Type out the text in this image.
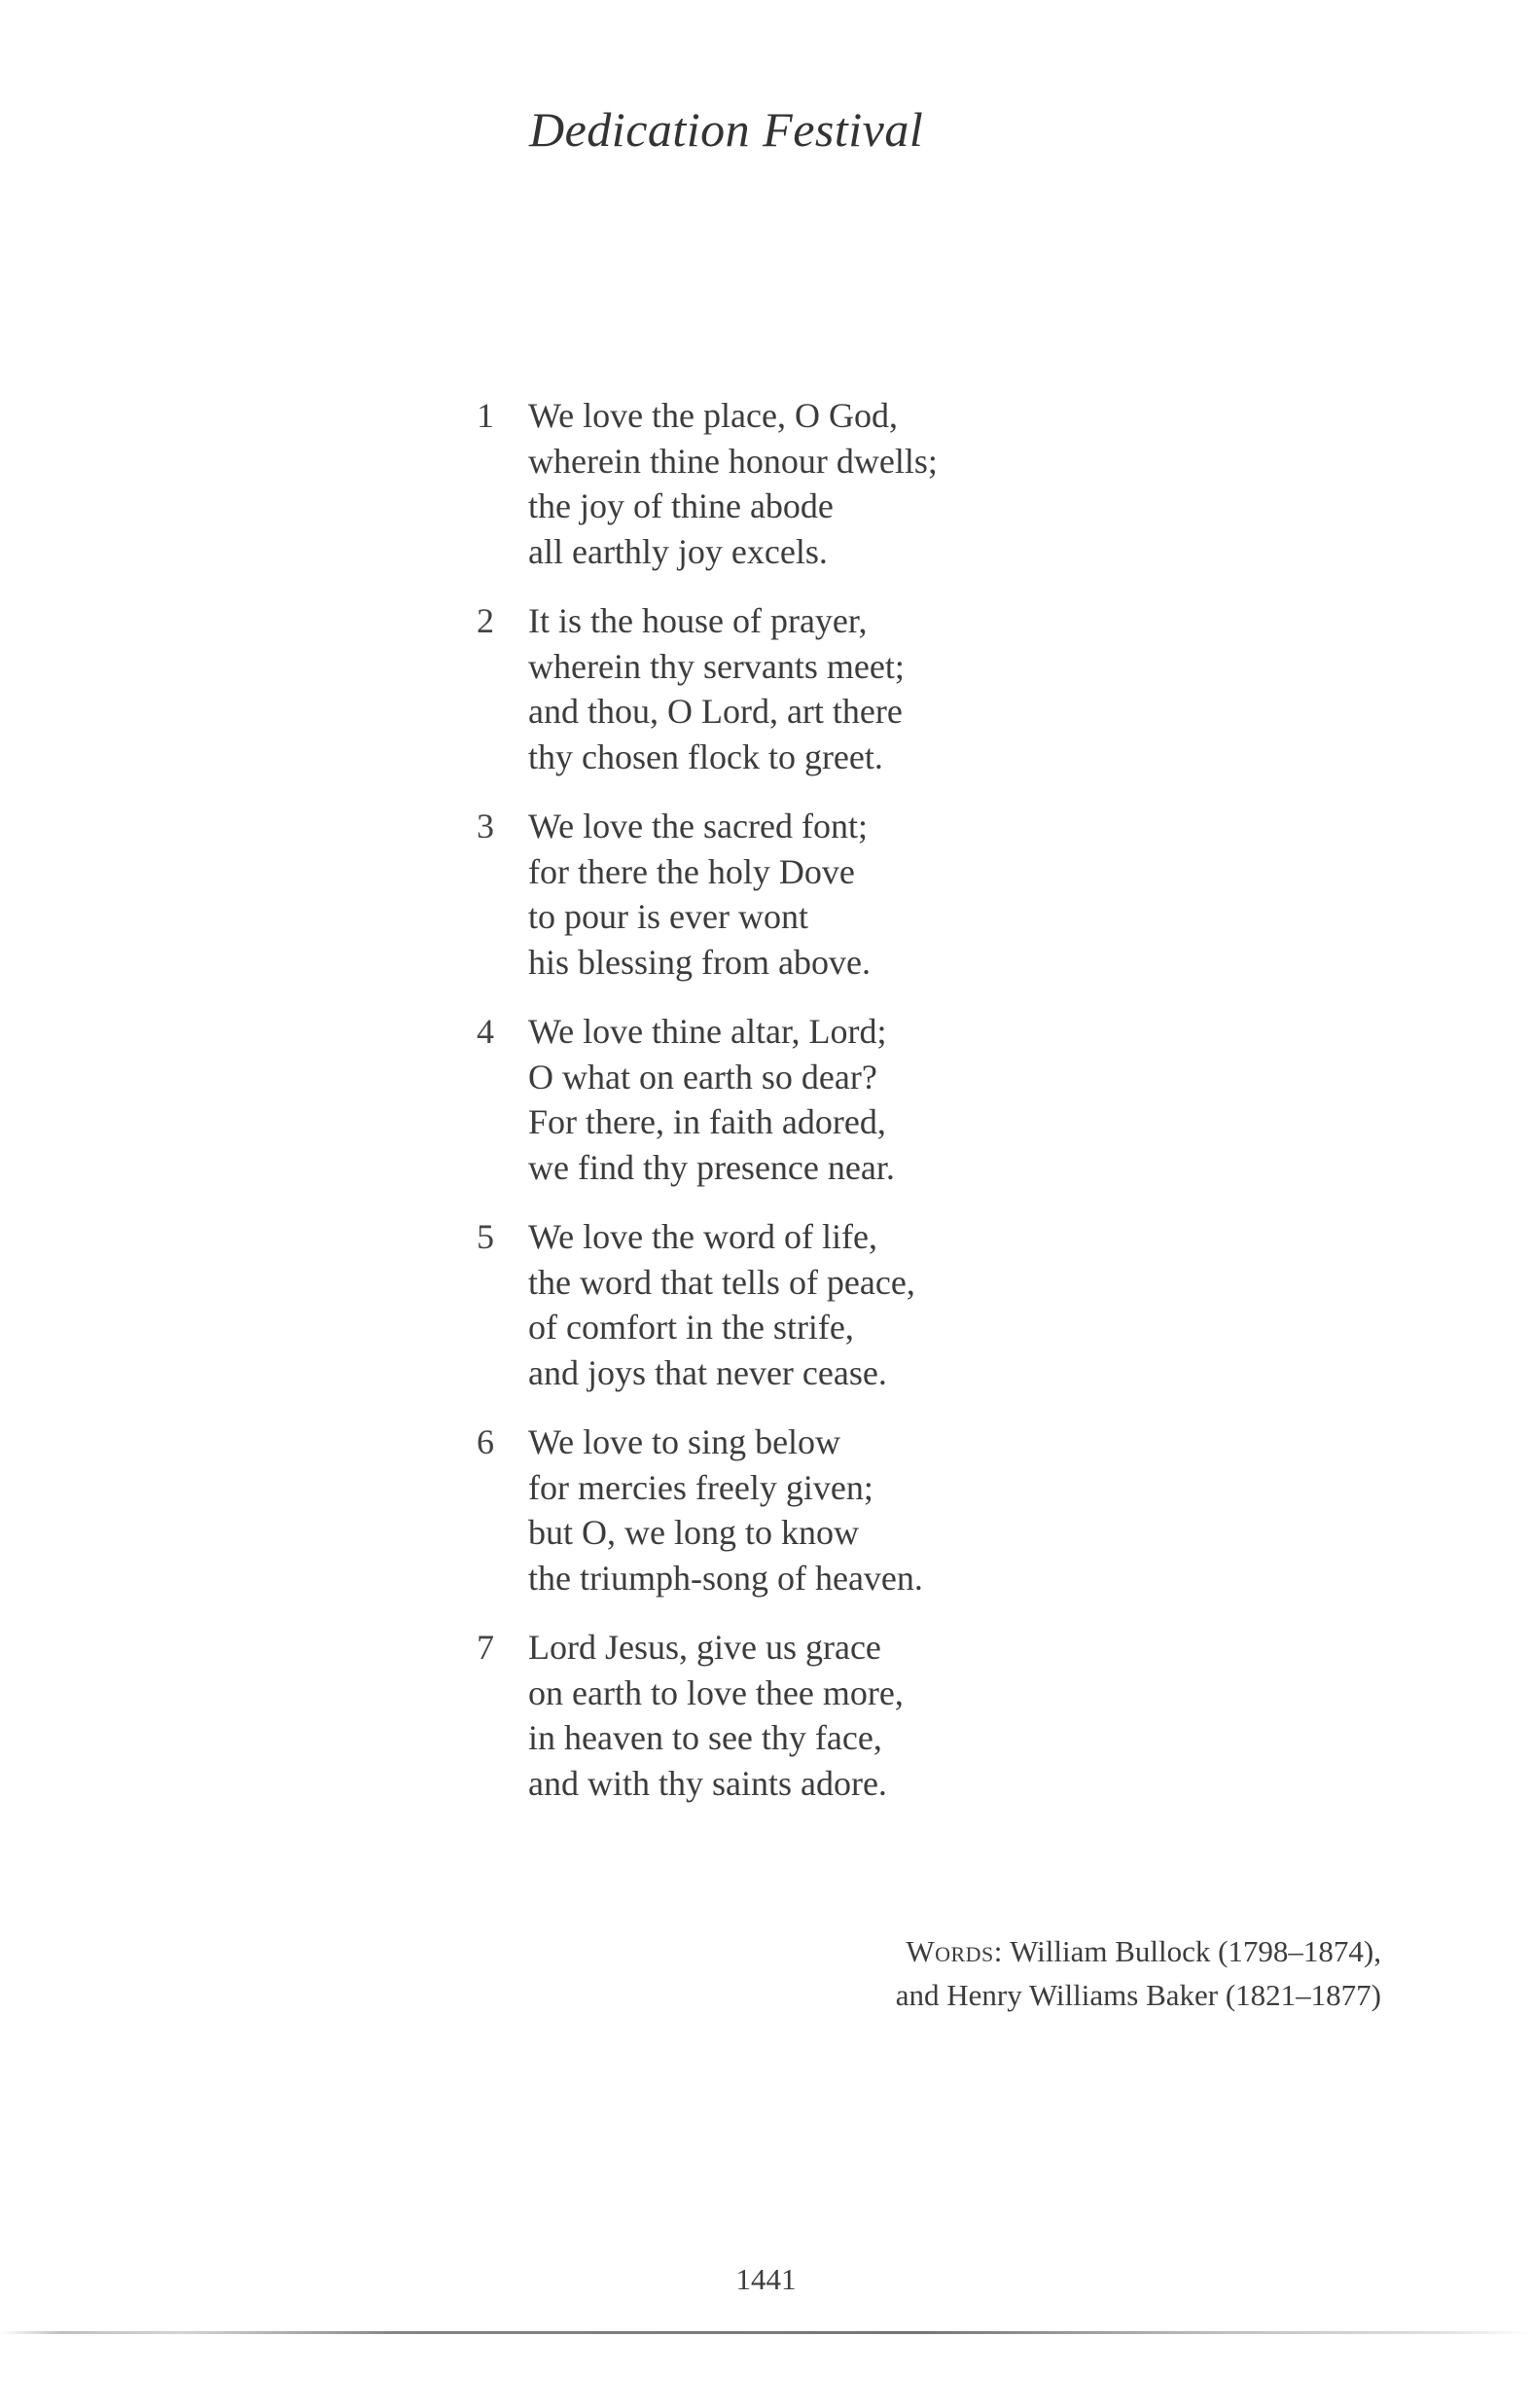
Dedication Festival
1 We love the place, O God,
wherein thine honour dwells;
the joy of thine abode
all earthly joy excels.
2 It is the house of prayer,
wherein thy servants meet;
and thou, O Lord, art there
thy chosen flock to greet.
3 We love the sacred font;
for there the holy Dove
to pour is ever wont
his blessing from above.
4 We love thine altar, Lord;
O what on earth so dear?
For there, in faith adored,
we find thy presence near.
5 We love the word of life,
the word that tells of peace,
of comfort in the strife,
and joys that never cease.
6 We love to sing below
for mercies freely given;
but O, we long to know
the triumph-song of heaven.
7 Lord Jesus, give us grace
on earth to love thee more,
in heaven to see thy face,
and with thy saints adore.
Words: William Bullock (1798–1874),
and Henry Williams Baker (1821–1877)
1441
